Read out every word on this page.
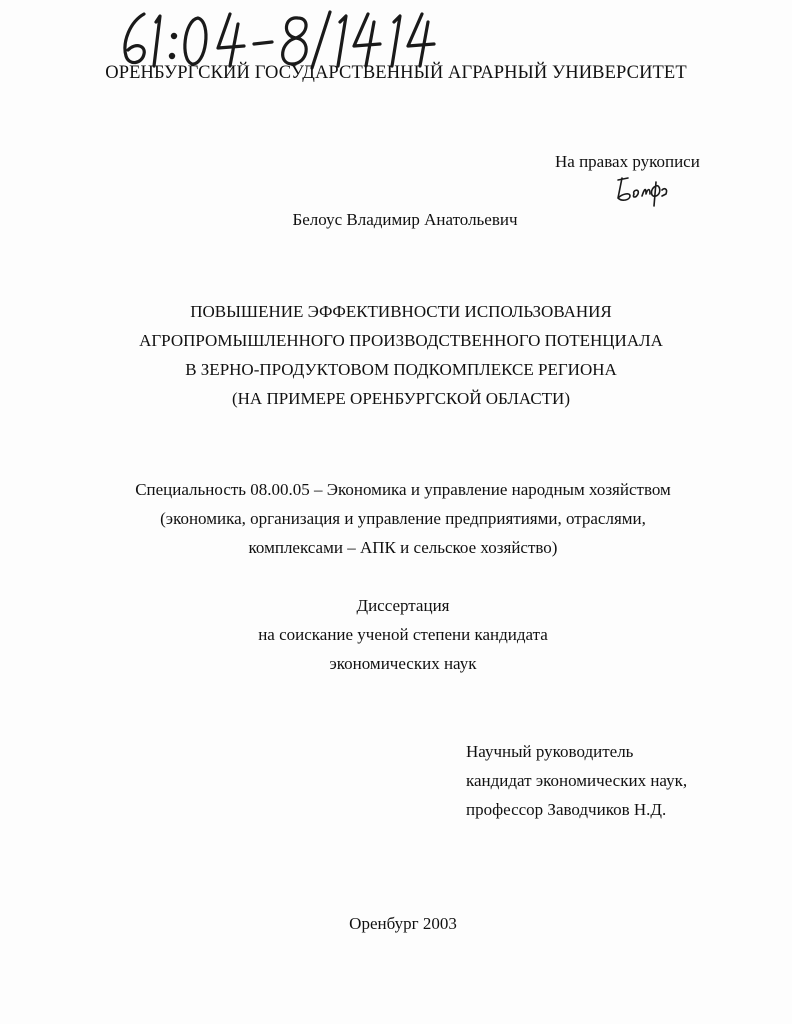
ОРЕНБУРГСКИЙ ГОСУДАРСТВЕННЫЙ АГРАРНЫЙ УНИВЕРСИТЕТ
На правах рукописи
Белоус Владимир Анатольевич
ПОВЫШЕНИЕ ЭФФЕКТИВНОСТИ ИСПОЛЬЗОВАНИЯ
АГРОПРОМЫШЛЕННОГО ПРОИЗВОДСТВЕННОГО ПОТЕНЦИАЛА
В ЗЕРНО-ПРОДУКТОВОМ ПОДКОМПЛЕКСЕ РЕГИОНА
(НА ПРИМЕРЕ ОРЕНБУРГСКОЙ ОБЛАСТИ)
Специальность 08.00.05 – Экономика и управление народным хозяйством
(экономика, организация и управление предприятиями, отраслями,
комплексами – АПК и сельское хозяйство)
Диссертация
на соискание ученой степени кандидата
экономических наук
Научный руководитель
кандидат экономических наук,
профессор Заводчиков Н.Д.
Оренбург 2003
